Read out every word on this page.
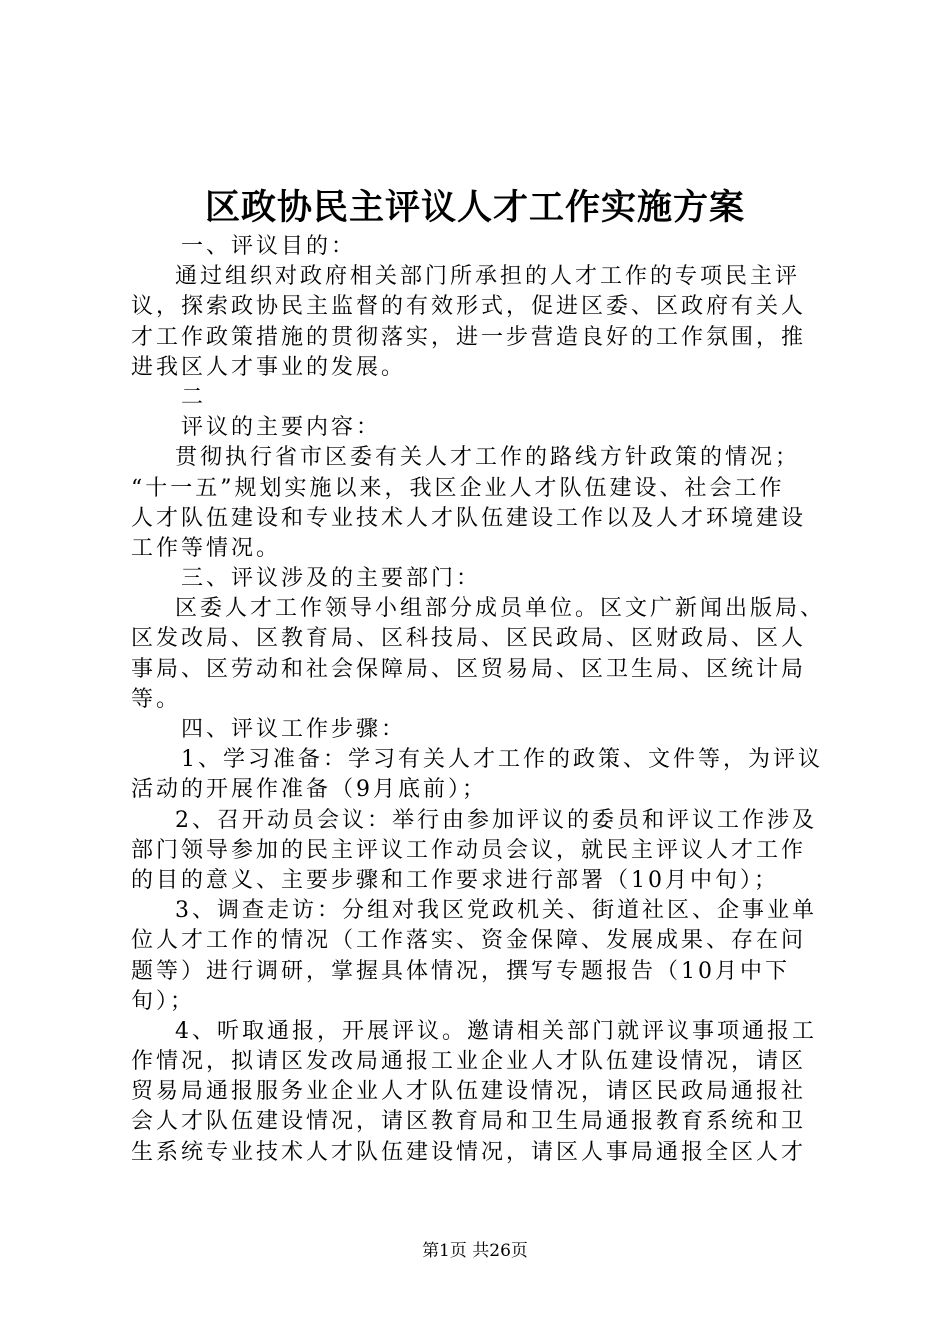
区政协民主评议人才工作实施方案
一、评议目的：
通过组织对政府相关部门所承担的人才工作的专项民主评
议，探索政协民主监督的有效形式，促进区委、区政府有关人
才工作政策措施的贯彻落实，进一步营造良好的工作氛围，推
进我区人才事业的发展。
二
评议的主要内容：
贯彻执行省市区委有关人才工作的路线方针政策的情况；
“十一五”规划实施以来，我区企业人才队伍建设、社会工作
人才队伍建设和专业技术人才队伍建设工作以及人才环境建设
工作等情况。
三、评议涉及的主要部门：
区委人才工作领导小组部分成员单位。区文广新闻出版局、
区发改局、区教育局、区科技局、区民政局、区财政局、区人
事局、区劳动和社会保障局、区贸易局、区卫生局、区统计局
等。
四、评议工作步骤：
1、学习准备：学习有关人才工作的政策、文件等，为评议
活动的开展作准备（9月底前）；
2、召开动员会议：举行由参加评议的委员和评议工作涉及
部门领导参加的民主评议工作动员会议，就民主评议人才工作
的目的意义、主要步骤和工作要求进行部署（10月中旬）；
3、调查走访：分组对我区党政机关、街道社区、企事业单
位人才工作的情况（工作落实、资金保障、发展成果、存在问
题等）进行调研，掌握具体情况，撰写专题报告（10月中下
旬）；
4、听取通报，开展评议。邀请相关部门就评议事项通报工
作情况，拟请区发改局通报工业企业人才队伍建设情况，请区
贸易局通报服务业企业人才队伍建设情况，请区民政局通报社
会人才队伍建设情况，请区教育局和卫生局通报教育系统和卫
生系统专业技术人才队伍建设情况，请区人事局通报全区人才
第1页 共26页
